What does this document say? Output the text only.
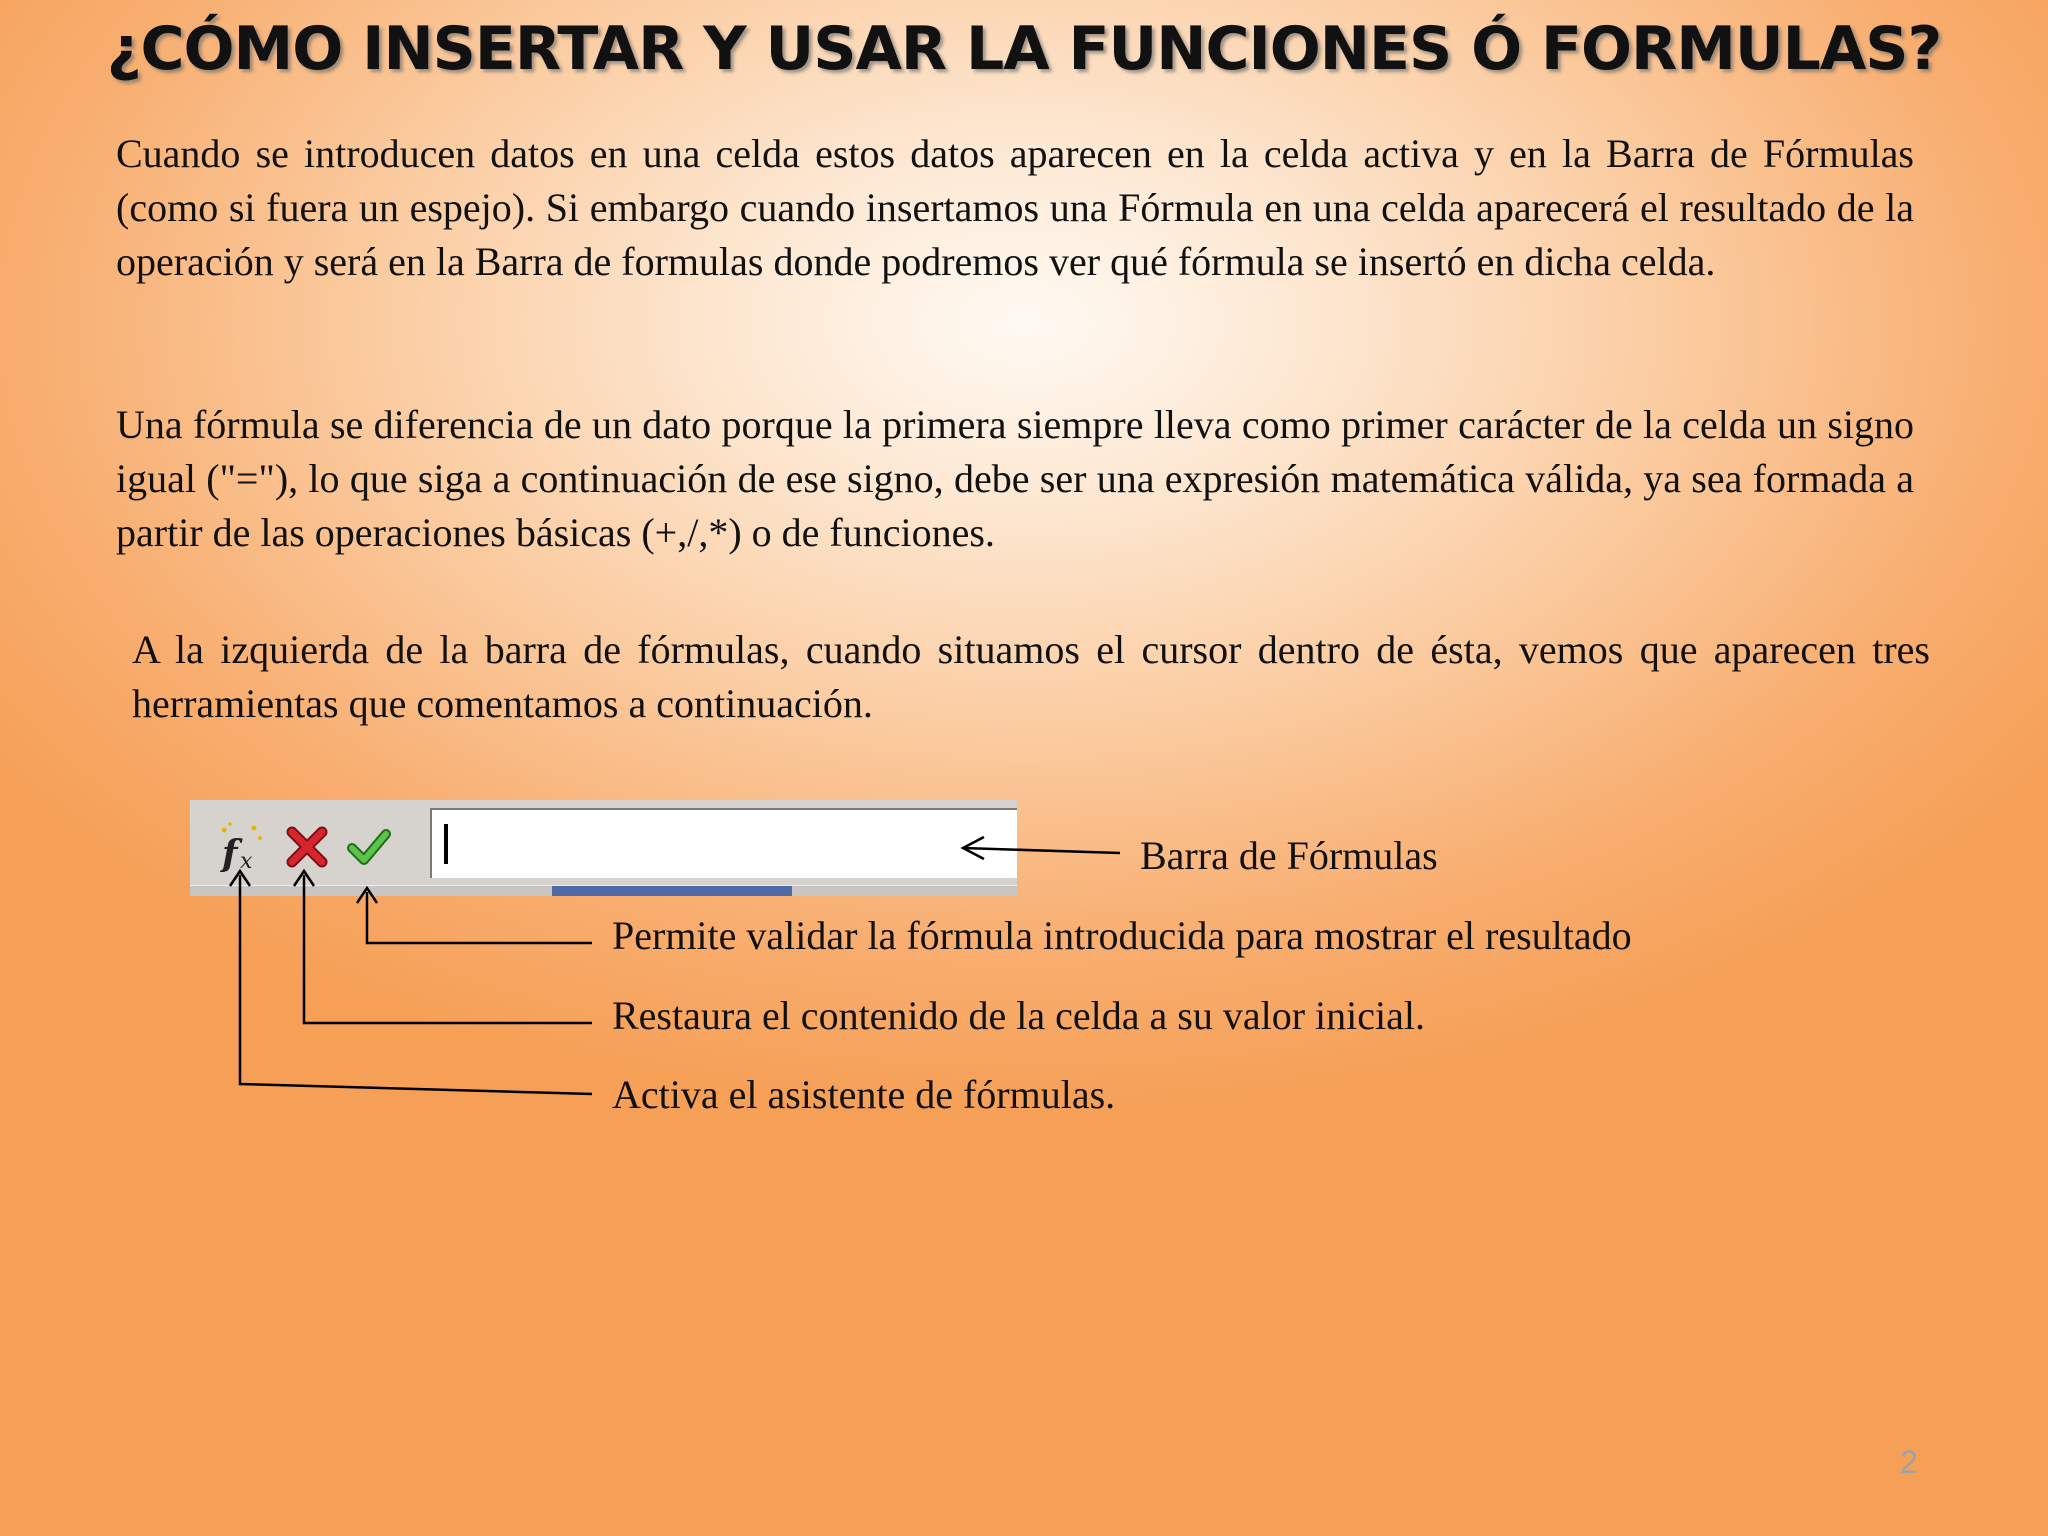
¿CÓMO INSERTAR Y USAR LA FUNCIONES Ó FORMULAS?

Cuando se introducen datos en una celda estos datos aparecen en la celda activa y en la Barra de Fórmulas (como si fuera un espejo). Si embargo cuando insertamos una Fórmula en una celda aparecerá el resultado de la operación y será en la Barra de formulas donde podremos ver qué fórmula se insertó en dicha celda.

Una fórmula se diferencia de un dato porque la primera siempre lleva como primer carácter de la celda un signo igual ("="), lo que siga a continuación de ese signo, debe ser una expresión matemática válida, ya sea formada a partir de las operaciones básicas (+,/,*) o de funciones.

A la izquierda de la barra de fórmulas, cuando situamos el cursor dentro de ésta, vemos que aparecen tres herramientas que comentamos a continuación.

f x	Barra de Fórmulas
Permite validar la fórmula introducida para mostrar el resultado
Restaura el contenido de la celda a su valor inicial.
Activa el asistente de fórmulas.
2
